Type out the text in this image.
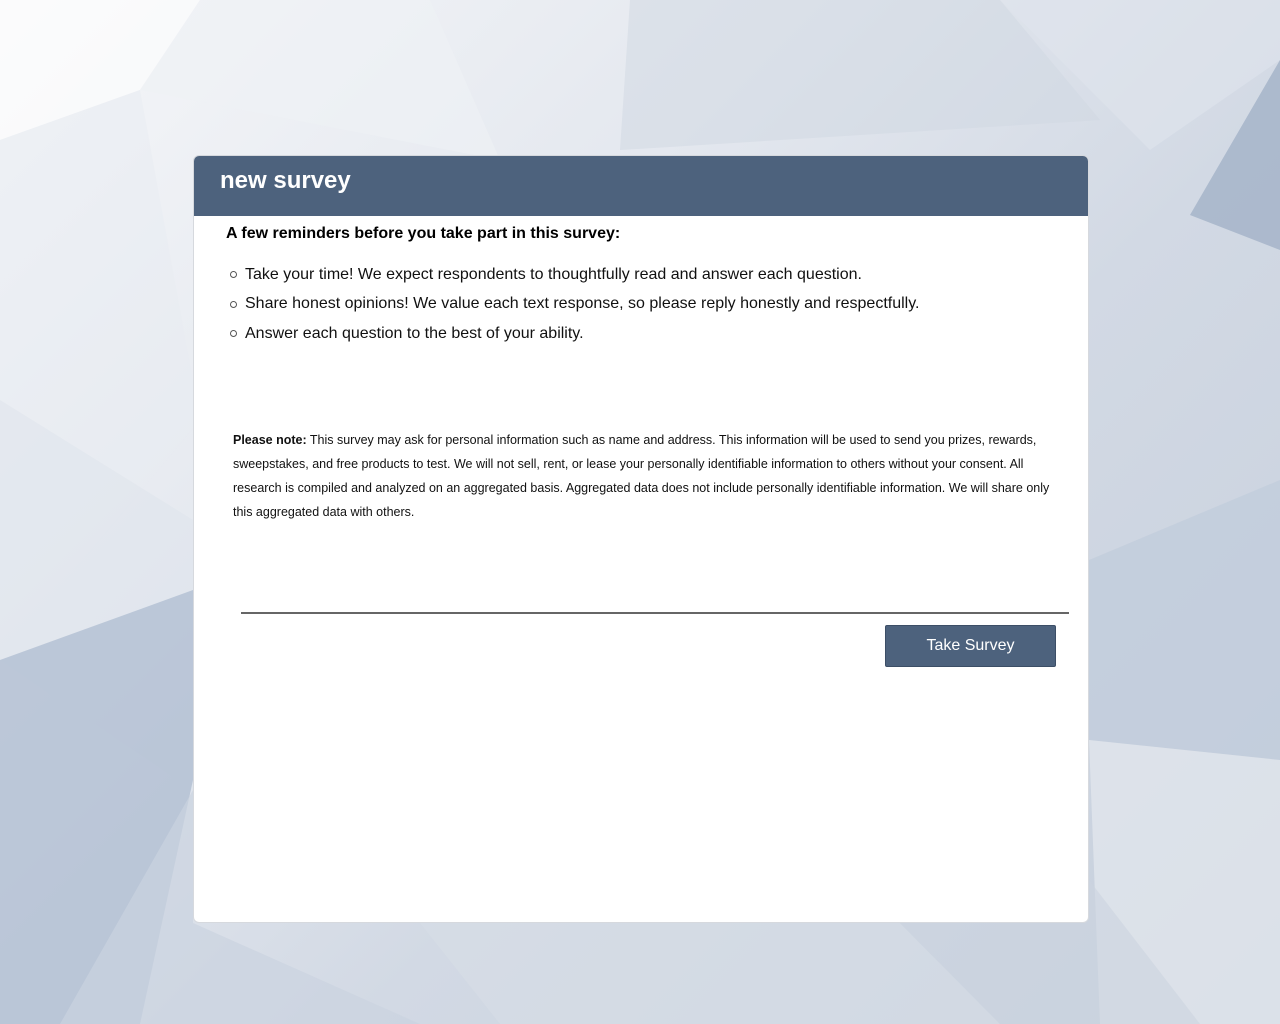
new survey
A few reminders before you take part in this survey:
Take your time! We expect respondents to thoughtfully read and answer each question.
Share honest opinions! We value each text response, so please reply honestly and respectfully.
Answer each question to the best of your ability.

Please note: This survey may ask for personal information such as name and address. This information will be used to send you prizes, rewards, sweepstakes, and free products to test. We will not sell, rent, or lease your personally identifiable information to others without your consent. All research is compiled and analyzed on an aggregated basis. Aggregated data does not include personally identifiable information. We will share only this aggregated data with others.

Take Survey
